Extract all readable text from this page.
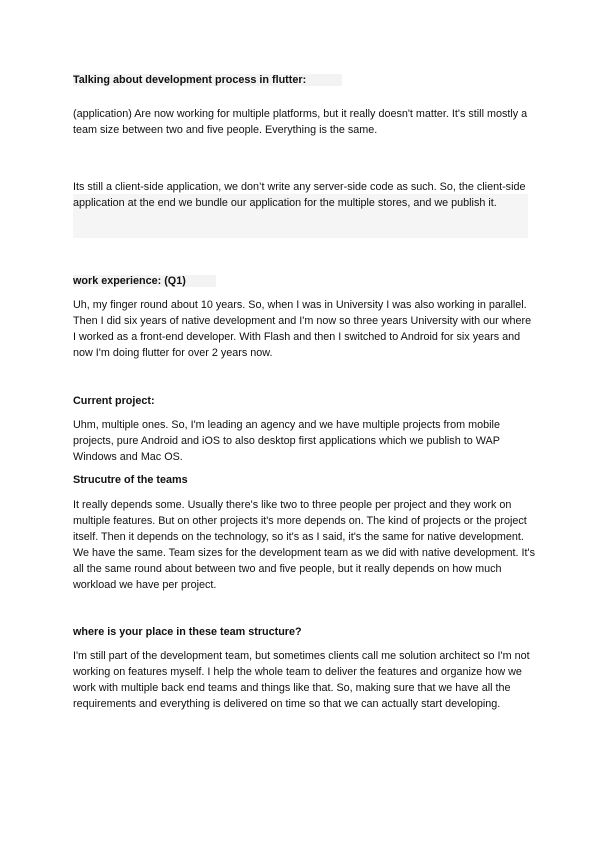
Talking about development process in flutter:
(application) Are now working for multiple platforms, but it really doesn't matter. It's still mostly a team size between two and five people. Everything is the same.
Its still a client-side application, we don’t write any server-side code as such. So, the client-side application at the end we bundle our application for the multiple stores, and we publish it.
work experience: (Q1)
Uh, my finger round about 10 years. So, when I was in University I was also working in parallel. Then I did six years of native development and I'm now so three years University with our where I worked as a front-end developer. With Flash and then I switched to Android for six years and now I'm doing flutter for over 2 years now.
Current project:
Uhm, multiple ones. So, I'm leading an agency and we have multiple projects from mobile projects, pure Android and iOS to also desktop first applications which we publish to WAP Windows and Mac OS.
Strucutre of the teams
It really depends some. Usually there's like two to three people per project and they work on multiple features. But on other projects it's more depends on. The kind of projects or the project itself. Then it depends on the technology, so it's as I said, it's the same for native development. We have the same. Team sizes for the development team as we did with native development. It's all the same round about between two and five people, but it really depends on how much workload we have per project.
where is your place in these team structure?
I'm still part of the development team, but sometimes clients call me solution architect so I'm not working on features myself. I help the whole team to deliver the features and organize how we work with multiple back end teams and things like that. So, making sure that we have all the requirements and everything is delivered on time so that we can actually start developing.
